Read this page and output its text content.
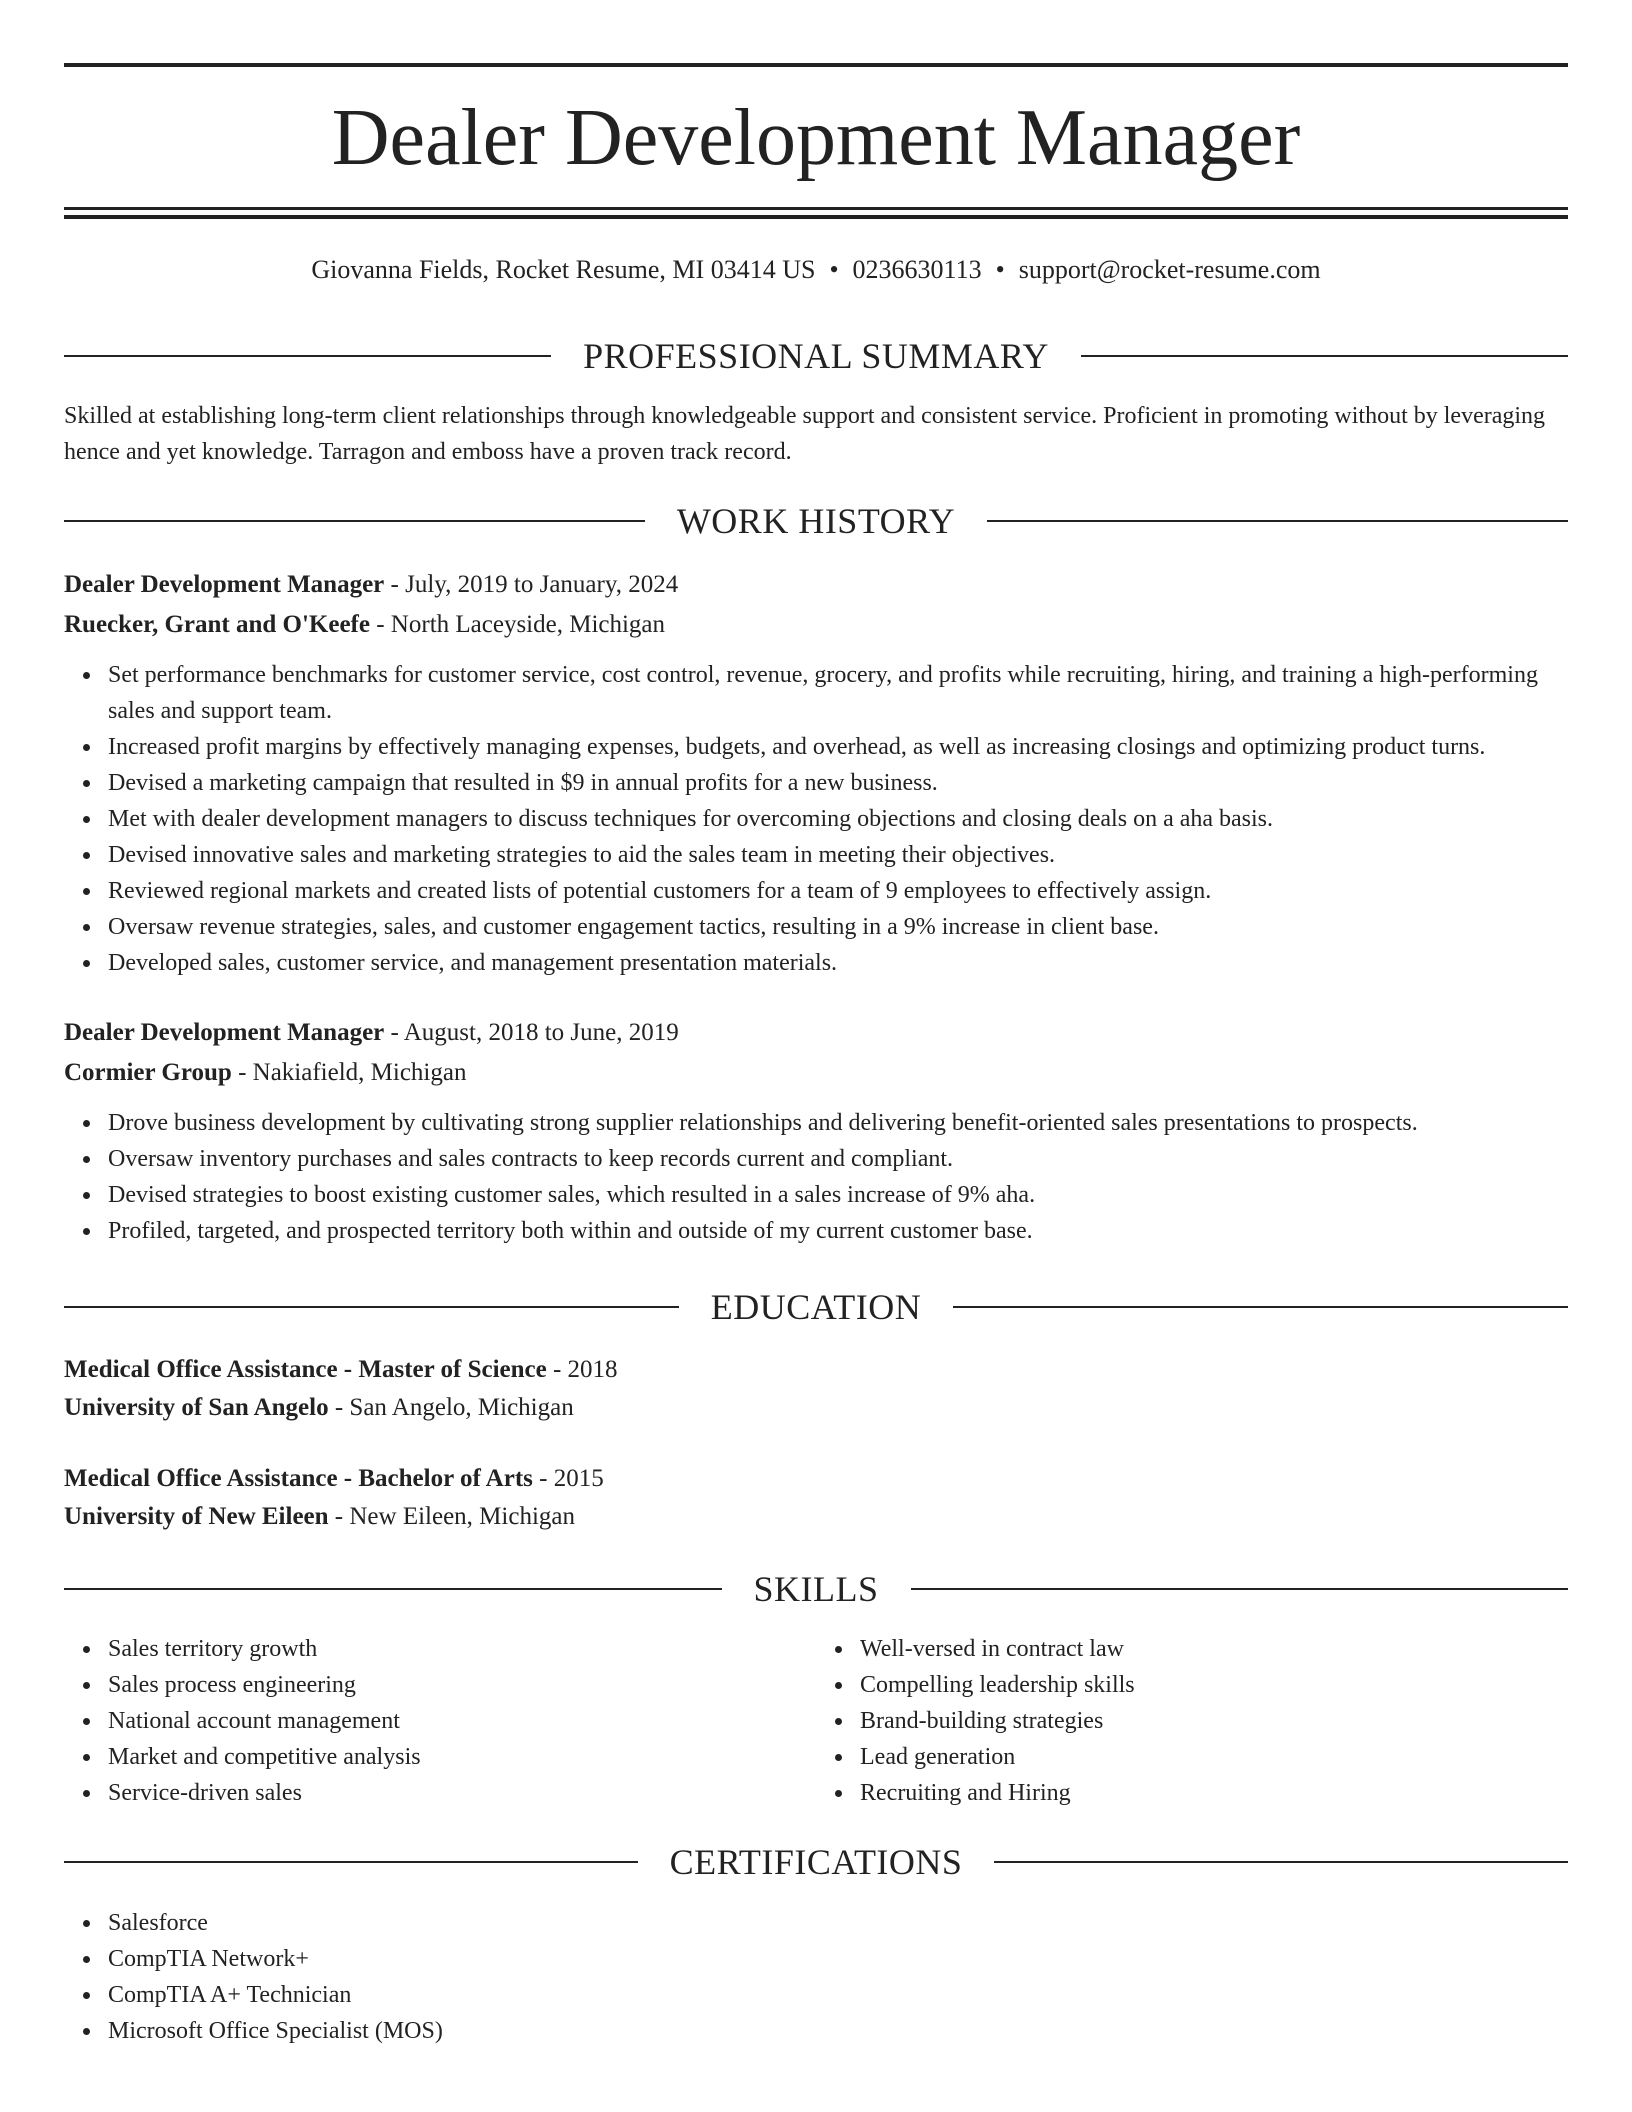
Dealer Development Manager
Giovanna Fields, Rocket Resume, MI 03414 US • 0236630113 • support@rocket-resume.com
PROFESSIONAL SUMMARY

Skilled at establishing long-term client relationships through knowledgeable support and consistent service. Proficient in promoting without by leveraging hence and yet knowledge. Tarragon and emboss have a proven track record.

WORK HISTORY
Dealer Development Manager - July, 2019 to January, 2024
Ruecker, Grant and O'Keefe - North Laceyside, Michigan
Set performance benchmarks for customer service, cost control, revenue, grocery, and profits while recruiting, hiring, and training a high-performing sales and support team.
Increased profit margins by effectively managing expenses, budgets, and overhead, as well as increasing closings and optimizing product turns.
Devised a marketing campaign that resulted in $9 in annual profits for a new business.
Met with dealer development managers to discuss techniques for overcoming objections and closing deals on a aha basis.
Devised innovative sales and marketing strategies to aid the sales team in meeting their objectives.
Reviewed regional markets and created lists of potential customers for a team of 9 employees to effectively assign.
Oversaw revenue strategies, sales, and customer engagement tactics, resulting in a 9% increase in client base.
Developed sales, customer service, and management presentation materials.
Dealer Development Manager - August, 2018 to June, 2019
Cormier Group - Nakiafield, Michigan
Drove business development by cultivating strong supplier relationships and delivering benefit-oriented sales presentations to prospects.
Oversaw inventory purchases and sales contracts to keep records current and compliant.
Devised strategies to boost existing customer sales, which resulted in a sales increase of 9% aha.
Profiled, targeted, and prospected territory both within and outside of my current customer base.
EDUCATION
Medical Office Assistance - Master of Science - 2018
University of San Angelo - San Angelo, Michigan
Medical Office Assistance - Bachelor of Arts - 2015
University of New Eileen - New Eileen, Michigan
SKILLS
Sales territory growth
Sales process engineering
National account management
Market and competitive analysis
Service-driven sales
Well-versed in contract law
Compelling leadership skills
Brand-building strategies
Lead generation
Recruiting and Hiring
CERTIFICATIONS
Salesforce
CompTIA Network+
CompTIA A+ Technician
Microsoft Office Specialist (MOS)
